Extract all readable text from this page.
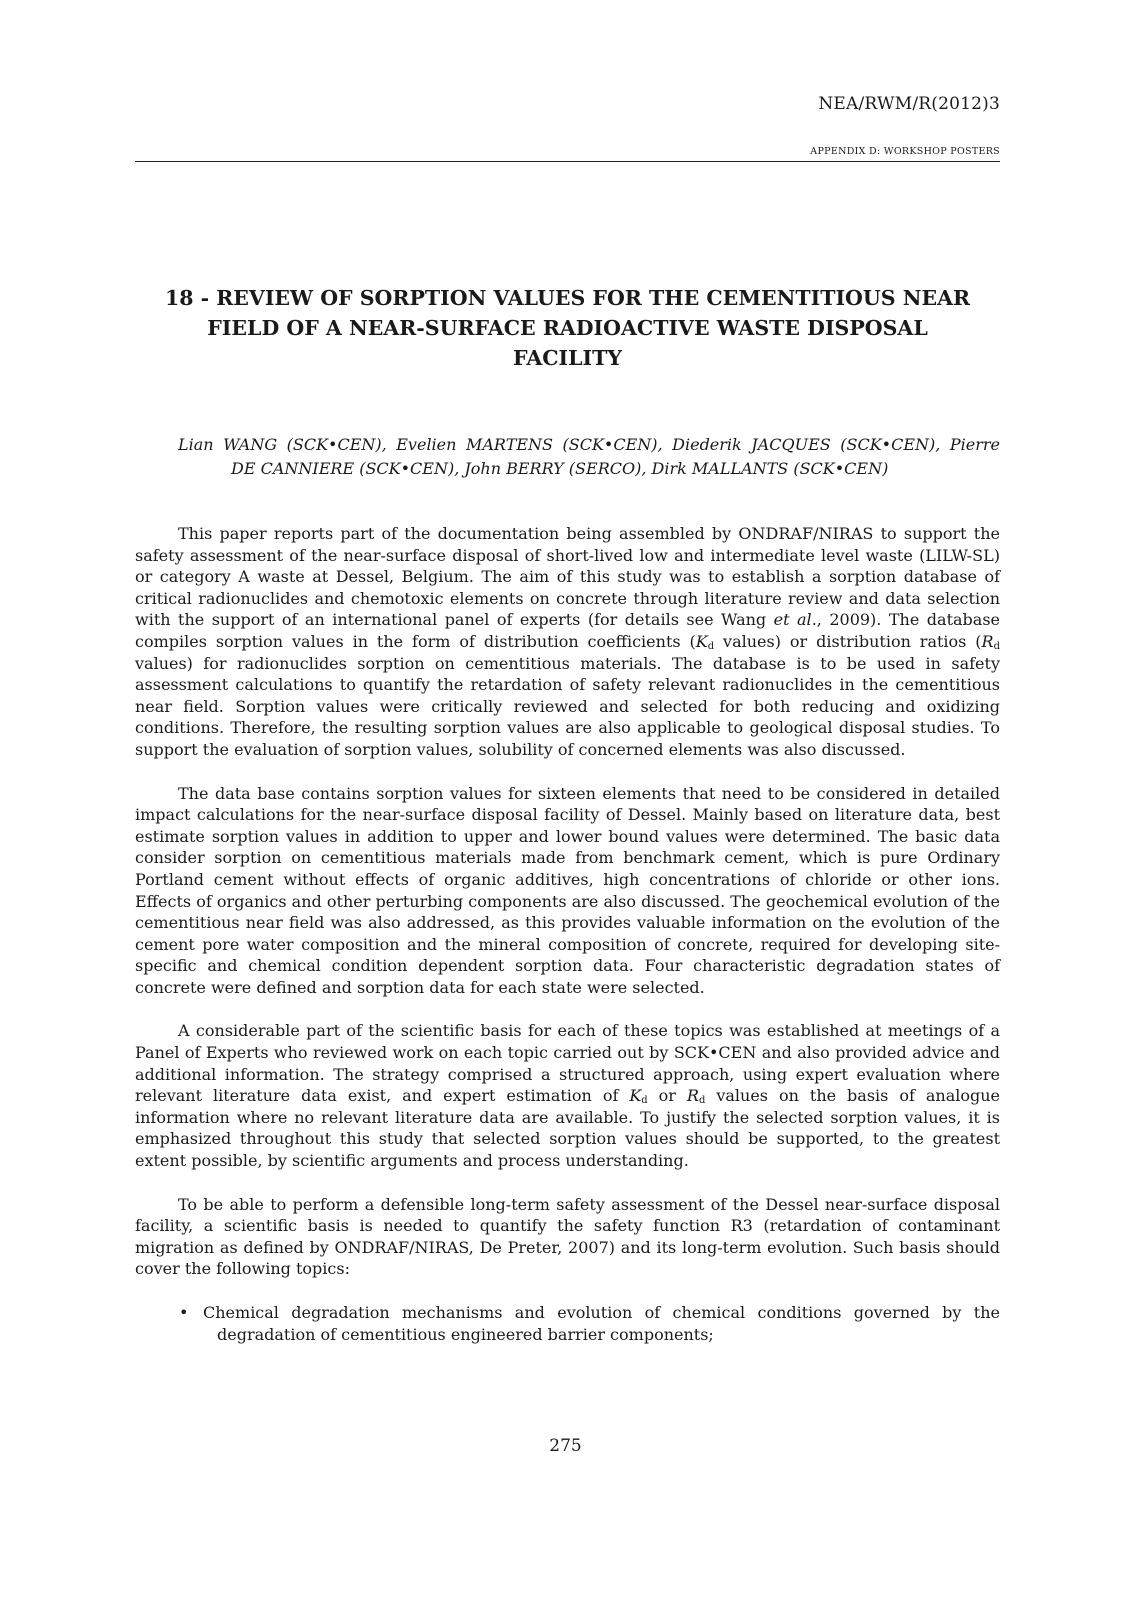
NEA/RWM/R(2012)3
APPENDIX D: WORKSHOP POSTERS
18 - REVIEW OF SORPTION VALUES FOR THE CEMENTITIOUS NEAR
FIELD OF A NEAR-SURFACE RADIOACTIVE WASTE DISPOSAL
FACILITY
Lian WANG (SCK•CEN), Evelien MARTENS (SCK•CEN), Diederik JACQUES (SCK•CEN), Pierre
DE CANNIERE (SCK•CEN), John BERRY (SERCO), Dirk MALLANTS (SCK•CEN)

This paper reports part of the documentation being assembled by ONDRAF/NIRAS to support the safety assessment of the near-surface disposal of short-lived low and intermediate level waste (LILW-SL) or category A waste at Dessel, Belgium. The aim of this study was to establish a sorption database of critical radionuclides and chemotoxic elements on concrete through literature review and data selection with the support of an international panel of experts (for details see Wang et al., 2009). The database compiles sorption values in the form of distribution coefficients ($K_d$ values) or distribution ratios ($R_d$ values) for radionuclides sorption on cementitious materials. The database is to be used in safety assessment calculations to quantify the retardation of safety relevant radionuclides in the cementitious near field. Sorption values were critically reviewed and selected for both reducing and oxidizing conditions. Therefore, the resulting sorption values are also applicable to geological disposal studies. To support the evaluation of sorption values, solubility of concerned elements was also discussed.

The data base contains sorption values for sixteen elements that need to be considered in detailed impact calculations for the near-surface disposal facility of Dessel. Mainly based on literature data, best estimate sorption values in addition to upper and lower bound values were determined. The basic data consider sorption on cementitious materials made from benchmark cement, which is pure Ordinary Portland cement without effects of organic additives, high concentrations of chloride or other ions. Effects of organics and other perturbing components are also discussed. The geochemical evolution of the cementitious near field was also addressed, as this provides valuable information on the evolution of the cement pore water composition and the mineral composition of concrete, required for developing site-specific and chemical condition dependent sorption data. Four characteristic degradation states of concrete were defined and sorption data for each state were selected.

A considerable part of the scientific basis for each of these topics was established at meetings of a Panel of Experts who reviewed work on each topic carried out by SCK•CEN and also provided advice and additional information. The strategy comprised a structured approach, using expert evaluation where relevant literature data exist, and expert estimation of $K_d$ or $R_d$ values on the basis of analogue information where no relevant literature data are available. To justify the selected sorption values, it is emphasized throughout this study that selected sorption values should be supported, to the greatest extent possible, by scientific arguments and process understanding.

To be able to perform a defensible long-term safety assessment of the Dessel near-surface disposal facility, a scientific basis is needed to quantify the safety function R3 (retardation of contaminant migration as defined by ONDRAF/NIRAS, De Preter, 2007) and its long-term evolution. Such basis should cover the following topics:

• Chemical degradation mechanisms and evolution of chemical conditions governed by the degradation of cementitious engineered barrier components;
275
